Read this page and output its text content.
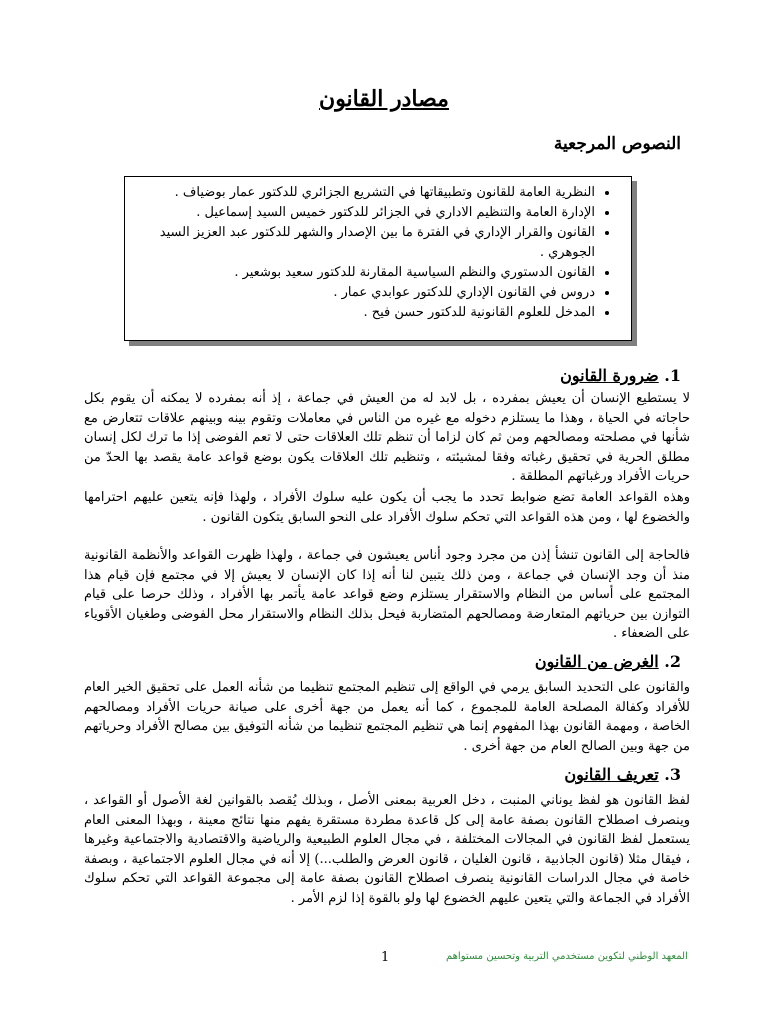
مصادر القانون
النصوص المرجعية
• النظرية العامة للقانون وتطبيقاتها في التشريع الجزائري للدكتور عمار بوضياف .
• الإدارة العامة والتنظيم الاداري في الجزائر للدكتور خميس السيد إسماعيل .
• القانون والقرار الإداري في الفترة ما بين الإصدار والشهر للدكتور عبد العزيز السيد الجوهري .
• القانون الدستوري والنظم السياسية المقارنة للدكتور سعيد بوشعير .
• دروس في القانون الإداري للدكتور عوابدي عمار .
• المدخل للعلوم القانونية للدكتور حسن فيح .
1. ضرورة القانون

لا يستطيع الإنسان أن يعيش بمفرده ، بل لابد له من العيش في جماعة ، إذ أنه بمفرده لا يمكنه أن يقوم بكل حاجاته في الحياة ، وهذا ما يستلزم دخوله مع غيره من الناس في معاملات وتقوم بينه وبينهم علاقات تتعارض مع شأنها في مصلحته ومصالحهم ومن ثم كان لزاما أن تنظم تلك العلاقات حتى لا تعم الفوضى إذا ما ترك لكل إنسان مطلق الحرية في تحقيق رغباته وفقا لمشيئته ، وتنظيم تلك العلاقات يكون بوضع قواعد عامة يقصد بها الحدّ من حريات الأفراد ورغباتهم المطلقة .

وهذه القواعد العامة تضع ضوابط تحدد ما يجب أن يكون عليه سلوك الأفراد ، ولهذا فإنه يتعين عليهم احترامها والخضوع لها ، ومن هذه القواعد التي تحكم سلوك الأفراد على النحو السابق يتكون القانون .

فالحاجة إلى القانون تنشأ إذن من مجرد وجود أناس يعيشون في جماعة ، ولهذا ظهرت القواعد والأنظمة القانونية منذ أن وجد الإنسان في جماعة ، ومن ذلك يتبين لنا أنه إذا كان الإنسان لا يعيش إلا في مجتمع فإن قيام هذا المجتمع على أساس من النظام والاستقرار يستلزم وضع قواعد عامة يأتمر بها الأفراد ، وذلك حرصا على قيام التوازن بين حرياتهم المتعارضة ومصالحهم المتضاربة فيحل بذلك النظام والاستقرار محل الفوضى وطغيان الأقوياء على الضعفاء .

2. الغرض من القانون

والقانون على التحديد السابق يرمي في الواقع إلى تنظيم المجتمع تنظيما من شأنه العمل على تحقيق الخير العام للأفراد وكفالة المصلحة العامة للمجموع ، كما أنه يعمل من جهة أخرى على صيانة حريات الأفراد ومصالحهم الخاصة ، ومهمة القانون بهذا المفهوم إنما هي تنظيم المجتمع تنظيما من شأنه التوفيق بين مصالح الأفراد وحرياتهم من جهة وبين الصالح العام من جهة أخرى .

3. تعريف القانون

لفظ القانون هو لفظ يوناني المنبت ، دخل العربية بمعنى الأصل ، وبذلك يُقصد بالقوانين لغة الأصول أو القواعد ، وينصرف اصطلاح القانون بصفة عامة إلى كل قاعدة مطردة مستقرة يفهم منها نتائج معينة ، وبهذا المعنى العام يستعمل لفظ القانون في المجالات المختلفة ، في مجال العلوم الطبيعية والرياضية والاقتصادية والاجتماعية وغيرها ، فيقال مثلا (قانون الجاذبية ، قانون الغليان ، قانون العرض والطلب...) إلا أنه في مجال العلوم الاجتماعية ، وبصفة خاصة في مجال الدراسات القانونية ينصرف اصطلاح القانون بصفة عامة إلى مجموعة القواعد التي تحكم سلوك الأفراد في الجماعة والتي يتعين عليهم الخضوع لها ولو بالقوة إذا لزم الأمر .

1	المعهد الوطني لتكوين مستخدمي التربية وتحسين مستواهم
